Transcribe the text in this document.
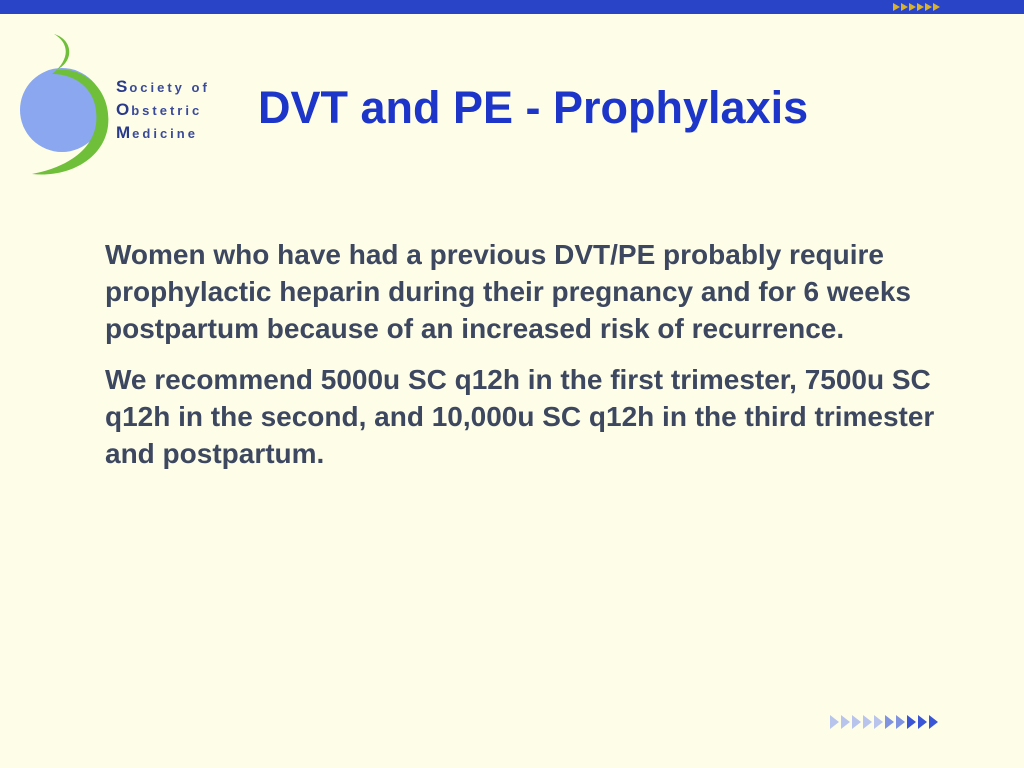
Society of
Obstetric
Medicine
DVT and PE - Prophylaxis

Women who have had a previous DVT/PE probably require prophylactic heparin during their pregnancy and for 6 weeks postpartum because of an increased risk of recurrence.

We recommend 5000u SC q12h in the first trimester, 7500u SC q12h in the second, and 10,000u SC q12h in the third trimester and postpartum.
